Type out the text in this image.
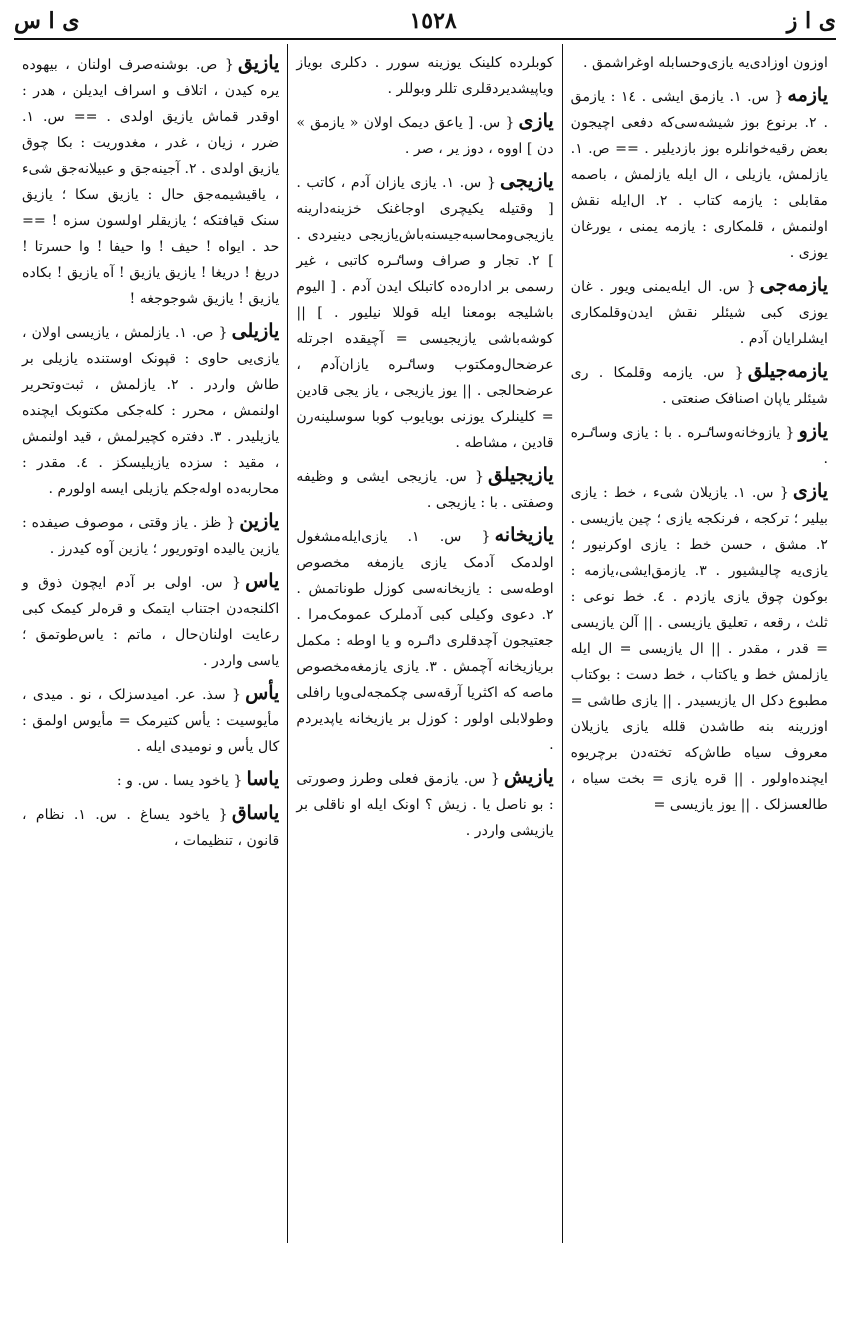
ی ا ز
١٥٢٨
ی ا س
اوزون اوزادی‌یه یازی‌وحسابله اوغراشمق .
یازمه{ س. ١. یازمق ایشی . ١٤ : یازمق . ٢. برنوع بوز شیشه‌سی‌که دفعی اچیجون بعض رقیه‌خوانلره بوز بازدیلیر . == ص. ١. یازلمش، یازیلی ، ال ایله یازلمش ، باصمه مقابلی : یازمه کتاب . ٢. ال‌ایله نقش اولنمش ، قلمکاری : یازمه یمنی ، یورغان یوزی .
یازمه‌جی{ س. ال ایله‌یمنی ویور . غان یوزی کبی شیئلر نقش ایدن‌وقلمکاری ایشلرایان آدم .
یازمه‌جیلق{ س. یازمه وقلمکا . ری شیئلر یاپان اصنافک صنعتی .
یازو{ یازوخانه‌وساٸره . با : یازی وساٸره .
یازی{ س. ١. یازیلان شی‌ء ، خط : یازی بیلیر ؛ ترکجه ، فرنکجه یازی ؛ چین یازیسی . ٢. مشق ، حسن خط : یازی اوکرنیور ؛ یازی‌یه چالیشیور . ٣. یازمق‌ایشی،یازمه : بوکون چوق یازی یازدم . ٤. خط نوعی : ثلث ، رقعه ، تعلیق یازیسی . || آلن یازیسی = قدر ، مقدر . || ال یازیسی = ال ایله یازلمش خط و یاکتاب ، خط دست : بوکتاب مطبوع دکل ال یازیسیدر . || یازی طاشی = اوزرینه بنه طاشدن قلله یازی یازیلان معروف سیاه طاش‌که تخته‌دن برچریوه ایچنده‌اولور . || قره یازی = بخت سیاه ، طالعسزلک . || یوز یازیسی =
کوبلرده کلینک یوزینه سورر . دکلری بویاز ویاپیشدیردقلری تللر وبوللر .
یازی{ س. [ یاعق دیمک اولان « یازمق » دن ] اووه ، دوز یر ، صر .
یازیجی{ س. ١. یازی یازان آدم ، کاتب . [ وقتیله یکیچری اوجاغنک خزینه‌دارینه یازیجی‌ومحاسبه‌جیسنه‌باش‌یازیجی دینیردی . ] ٢. تجار و صراف وساٸره کاتبی ، غیر رسمی بر اداره‌ده کاتبلک ایدن آدم . [ الیوم باشلیجه بومعنا ایله قوللا نیلیور . ] || کوشه‌باشی یازیجیسی = آچیقده اجرتله عرضحال‌ومکتوب وساٸره یازان‌آدم ، عرضحالجی . || یوز یازیجی ، یاز یجی قادین = کلینلرک یوزنی بویایوب کوبا سوسلینه‌رن قادین ، مشاطه .
یازیجیلق{ س. یازیجی ایشی و وظیفه وصفتی . با : یازیجی .
یازیخانه{ س. ١. یازی‌ایله‌مشغول اولدمک آدمک یازی یازمغه مخصوص اوطه‌سی : یازیخانه‌سی کوزل طوناتمش . ٢. دعوی وکیلی کبی آدملرک عمومک‌مرا . جعتیجون آچدقلری داٸره و یا اوطه : مکمل بریازیخانه آچمش . ٣. یازی یازمغه‌مخصوص ماصه که اکثریا آرقه‌سی چکمجه‌لی‌ویا رافلی وطولابلی اولور : کوزل بر یازیخانه یاپدیردم .
یازیش{ س. یازمق فعلی وطرز وصورتی : بو ناصل یا . زیش ؟ اونک ایله او ناقلی بر یازیشی واردر .
یازیق{ ص. بوشنه‌صرف اولنان ، بیهوده یره کیدن ، اتلاف و اسراف ایدیلن ، هدر : اوقدر قماش یازیق اولدی . == س. ١. ضرر ، زیان ، غدر ، مغدوریت : بکا چوق یازیق اولدی . ٢. آجینه‌جق و عبیلانه‌جق شی‌ء ، یاقیشیمه‌جق حال : یازیق سکا ؛ یازیق سنک قیافتکه ؛ یازیقلر اولسون سزه ! == حد . ایواه ! حیف ! وا حیفا ! وا حسرتا ! دریغ ! دریغا ! یازیق یازیق ! آه یازیق ! بکاده یازیق ! یازیق شوجوجغه !
یازیلی{ ص. ١. یازلمش ، یازیسی اولان ، یازی‌یی حاوی : قپونک اوستنده یازیلی بر طاش واردر . ٢. یازلمش ، ثبت‌وتحریر اولنمش ، محرر : کله‌جکی مکتوبک ایچنده یازیلیدر . ٣. دفتره کچیرلمش ، قید اولنمش ، مقید : سزده یازیلیسکز . ٤. مقدر : محاربه‌ده اوله‌جکم یازیلی ایسه اولورم .
یازین{ ظز . یاز وقتی ، موصوف صیفده : یازین یالیده اوتوریور ؛ یازین آوه کیدرز .
یاس{ س. اولی بر آدم ایچون ذوق و اکلنجه‌دن اجتناب ایتمک و قره‌لر کیمک کبی رعایت اولنان‌حال ، ماتم : یاس‌طوتمق ؛ یاسی واردر .
یأس{ سذ. عر. امیدسزلک ، نو . میدی ، مأیوسیت : یأس کتیرمک = مأیوس اولمق : کال یأس و نومیدی ایله .
یاسا{ یاخود یسا . س. و :
یاساق{ یاخود یساغ . س. ١. نظام ، قانون ، تنظیمات ،
